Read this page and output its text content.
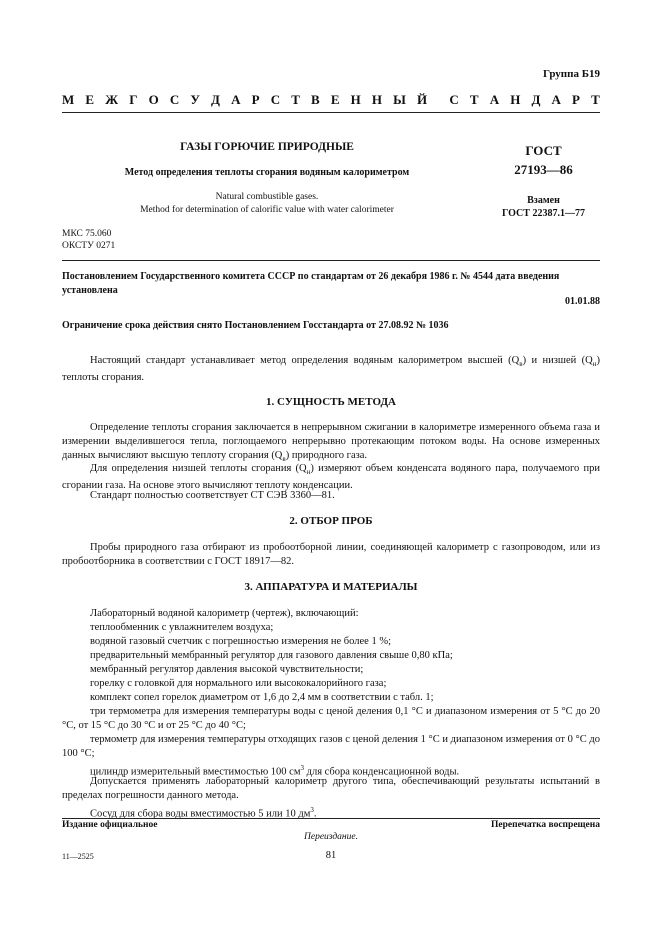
Группа Б19
М Е Ж Г О С У Д А Р С Т В Е Н Н Ы Й С Т А Н Д А Р Т
ГАЗЫ ГОРЮЧИЕ ПРИРОДНЫЕ
Метод определения теплоты сгорания водяным калориметром
Natural combustible gases.
Method for determination of calorific value with water calorimeter
ГОСТ
27193—86
Взамен
ГОСТ 22387.1—77
МКС 75.060
ОКСТУ 0271
Постановлением Государственного комитета СССР по стандартам от 26 декабря 1986 г. № 4544 дата введения установлена
01.01.88
Ограничение срока действия снято Постановлением Госстандарта от 27.08.92 № 1036
Настоящий стандарт устанавливает метод определения водяным калориметром высшей $(Q_в)$ и низшей $(Q_н)$ теплоты сгорания.
1. СУЩНОСТЬ МЕТОДА
Определение теплоты сгорания заключается в непрерывном сжигании в калориметре измеренного объема газа и измерении выделившегося тепла, поглощаемого непрерывно протекающим потоком воды. На основе измеренных данных вычисляют высшую теплоту сгорания $(Q_в)$ природного газа.
Для определения низшей теплоты сгорания $(Q_н)$ измеряют объем конденсата водяного пара, получаемого при сгорании газа. На основе этого вычисляют теплоту конденсации.
Стандарт полностью соответствует СТ СЭВ 3360—81.
2. ОТБОР ПРОБ
Пробы природного газа отбирают из пробоотборной линии, соединяющей калориметр с газопроводом, или из пробоотборника в соответствии с ГОСТ 18917—82.
3. АППАРАТУРА И МАТЕРИАЛЫ
Лабораторный водяной калориметр (чертеж), включающий:
теплообменник с увлажнителем воздуха;
водяной газовый счетчик с погрешностью измерения не более 1 %;
предварительный мембранный регулятор для газового давления свыше 0,80 кПа;
мембранный регулятор давления высокой чувствительности;
горелку с головкой для нормального или высококалорийного газа;
комплект сопел горелок диаметром от 1,6 до 2,4 мм в соответствии с табл. 1;
три термометра для измерения температуры воды с ценой деления 0,1 °С и диапазоном измерения от 5 °С до 20 °С, от 15 °С до 30 °С и от 25 °С до 40 °С;
термометр для измерения температуры отходящих газов с ценой деления 1 °С и диапазоном измерения от 0 °С до 100 °С;
цилиндр измерительный вместимостью 100 $см^3$ для сбора конденсационной воды.
Допускается применять лабораторный калориметр другого типа, обеспечивающий результаты испытаний в пределах погрешности данного метода.
Сосуд для сбора воды вместимостью 5 или 10 $дм^3$.
Издание официальное	Перепечатка воспрещена
Переиздание.
11—2525	81
